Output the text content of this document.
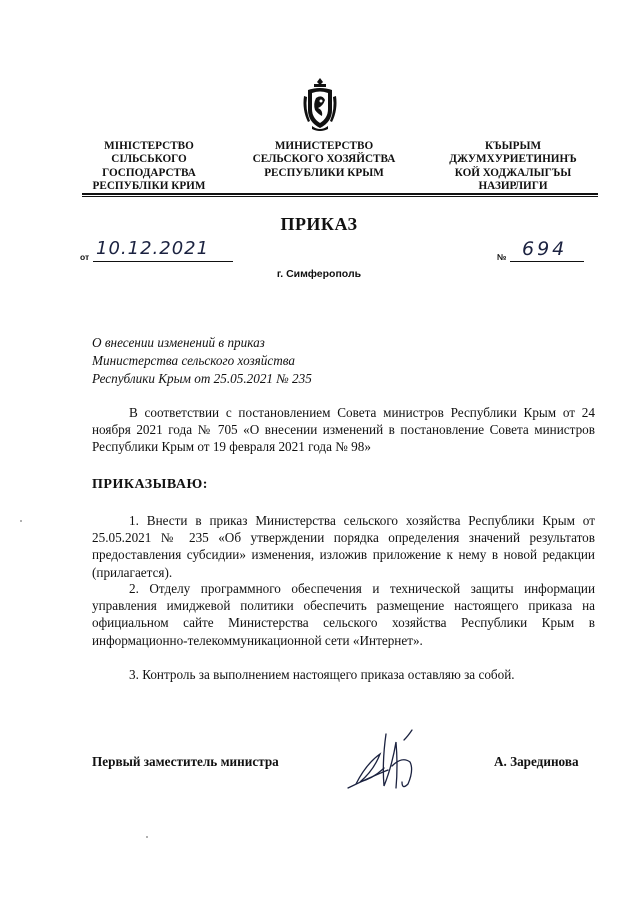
МІНІСТЕРСТВО
СІЛЬСЬКОГО
ГОСПОДАРСТВА
РЕСПУБЛІКИ КРИМ
МИНИСТЕРСТВО
СЕЛЬСКОГО ХОЗЯЙСТВА
РЕСПУБЛИКИ КРЫМ
КЪЫРЫМ
ДЖУМХУРИЕТИНИНЪ
КОЙ ХОДЖАЛЫГЪЫ
НАЗИРЛИГИ
ПРИКАЗ
от 10.12.2021	№ 694
г. Симферополь
О внесении изменений в приказ
Министерства сельского хозяйства
Республики Крым от 25.05.2021 № 235
В соответствии с постановлением Совета министров Республики Крым от 24 ноября 2021 года № 705 «О внесении изменений в постановление Совета министров Республики Крым от 19 февраля 2021 года № 98»
ПРИКАЗЫВАЮ:
1. Внести в приказ Министерства сельского хозяйства Республики Крым от 25.05.2021 № 235 «Об утверждении порядка определения значений результатов предоставления субсидии» изменения, изложив приложение к нему в новой редакции (прилагается).
2. Отделу программного обеспечения и технической защиты информации управления имиджевой политики обеспечить размещение настоящего приказа на официальном сайте Министерства сельского хозяйства Республики Крым в информационно-телекоммуникационной сети «Интернет».
3. Контроль за выполнением настоящего приказа оставляю за собой.
Первый заместитель министра	А. Зарединова
